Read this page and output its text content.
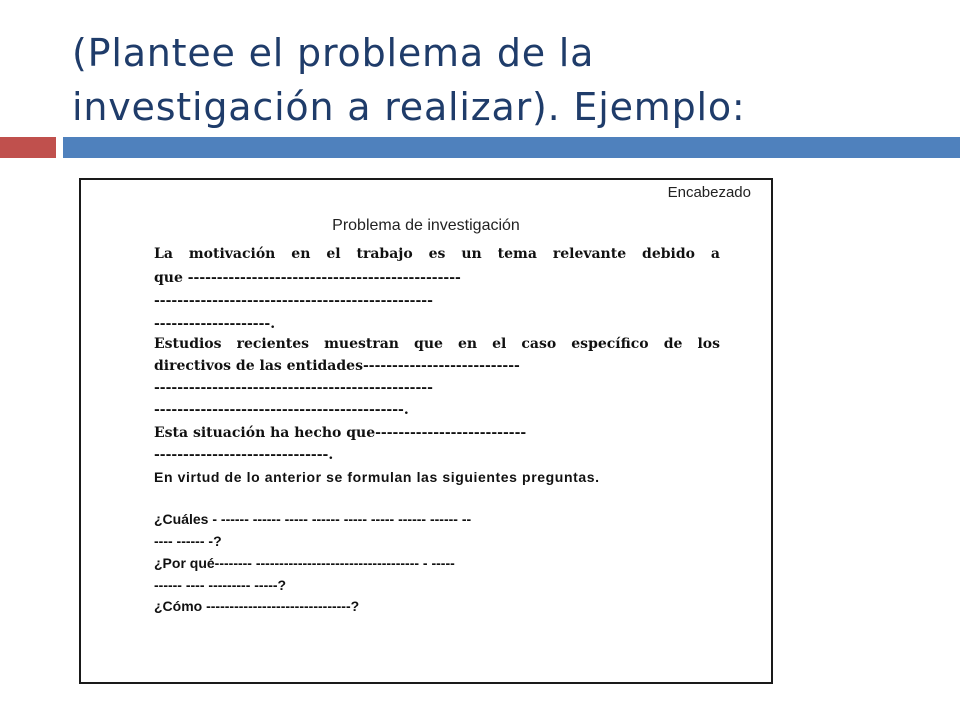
(Plantee el problema de la
investigación a realizar). Ejemplo:

Encabezado

Problema de investigación

La motivación en el trabajo es un tema relevante debido a

que -----------------------------------------------

------------------------------------------------

--------------------.

Estudios recientes muestran que en el caso específico de los

directivos de las entidades---------------------------

------------------------------------------------

-------------------------------------------.

Esta situación ha hecho que--------------------------

------------------------------.

En virtud de lo anterior se formulan las siguientes preguntas.

¿Cuáles - ------ ------ ----- ------ ----- ----- ------ ------ --

---- ------ -?

¿Por qué-------- ----------------------------------- - -----

------ ---- --------- -----?

¿Cómo -------------------------------?
